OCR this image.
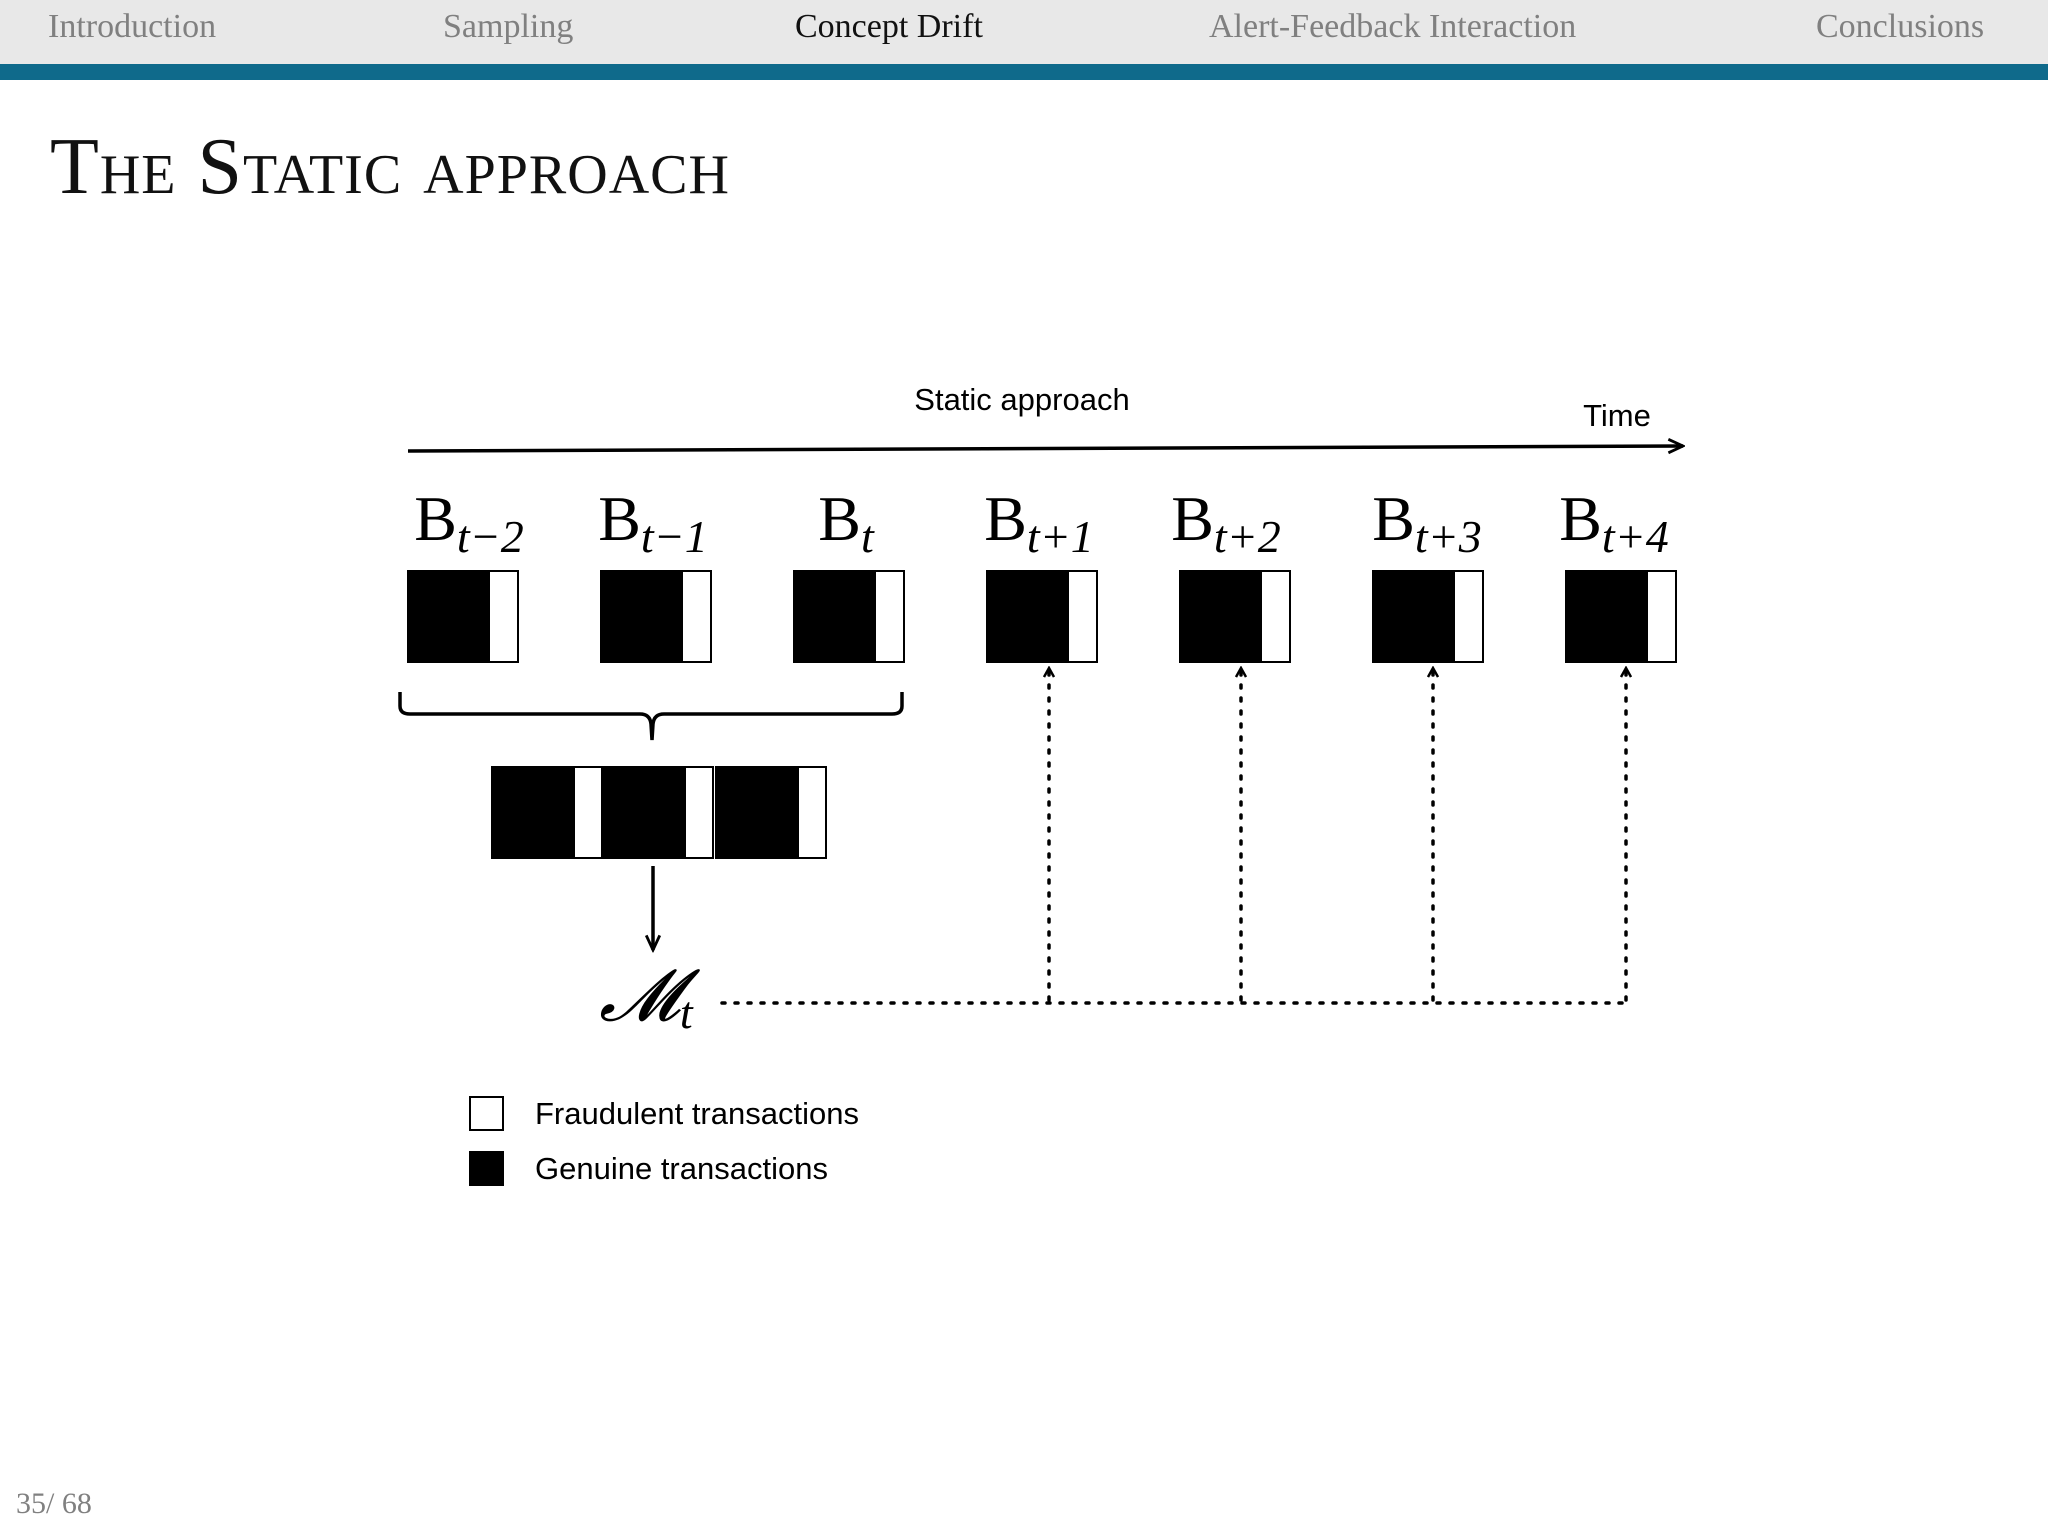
Introduction	Sampling	Concept Drift	Alert-Feedback Interaction	Conclusions
The Static approach
Static approach	Time
Bt−2 Bt−1 Bt Bt+1 Bt+2 Bt+3 Bt+4
𝓜t
Fraudulent transactions
Genuine transactions
35/ 68
